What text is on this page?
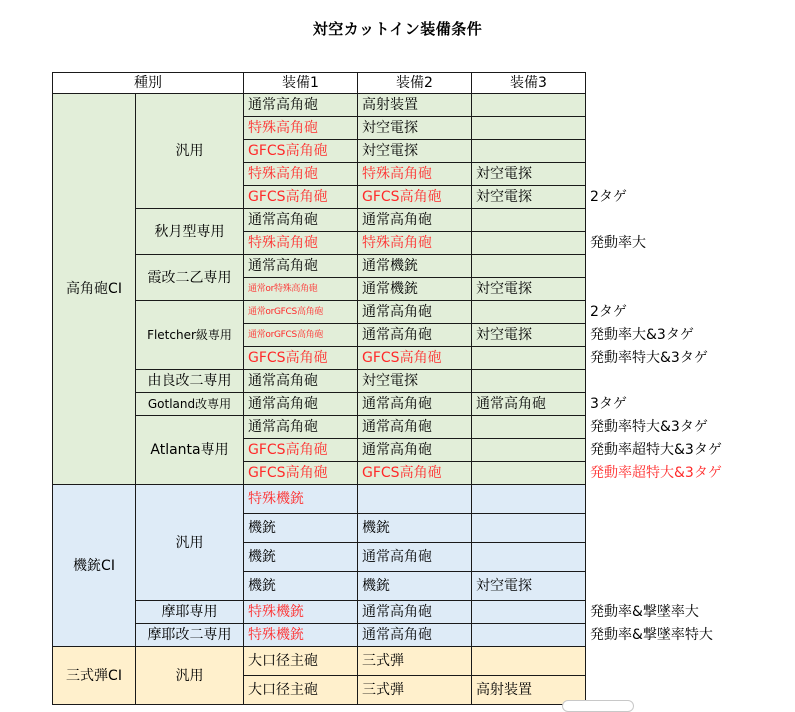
対空カットイン装備条件
種別		装備1	装備2	装備3	
高角砲CI	汎用	通常高角砲	高射装置		
		特殊高角砲	対空電探		
		GFCS高角砲	対空電探		
		特殊高角砲	特殊高角砲	対空電探	
		GFCS高角砲	GFCS高角砲	対空電探	2タゲ
	秋月型専用	通常高角砲	通常高角砲		
		特殊高角砲	特殊高角砲		発動率大
	霞改二乙専用	通常高角砲	通常機銃		
		通常or特殊高角砲	通常機銃	対空電探	
	Fletcher級専用	通常orGFCS高角砲	通常高角砲		2タゲ
		通常orGFCS高角砲	通常高角砲	対空電探	発動率大&3タゲ
		GFCS高角砲	GFCS高角砲		発動率特大&3タゲ
	由良改二専用	通常高角砲	対空電探		
	Gotland改専用	通常高角砲	通常高角砲	通常高角砲	3タゲ
	Atlanta専用	通常高角砲	通常高角砲		発動率特大&3タゲ
		GFCS高角砲	通常高角砲		発動率超特大&3タゲ
		GFCS高角砲	GFCS高角砲		発動率超特大&3タゲ
機銃CI	汎用	特殊機銃			
		機銃	機銃		
		機銃	通常高角砲		
		機銃	機銃	対空電探	
	摩耶専用	特殊機銃	通常高角砲		発動率&撃墜率大
	摩耶改二専用	特殊機銃	通常高角砲		発動率&撃墜率特大
三式弾CI	汎用	大口径主砲	三式弾		
		大口径主砲	三式弾	高射装置	
